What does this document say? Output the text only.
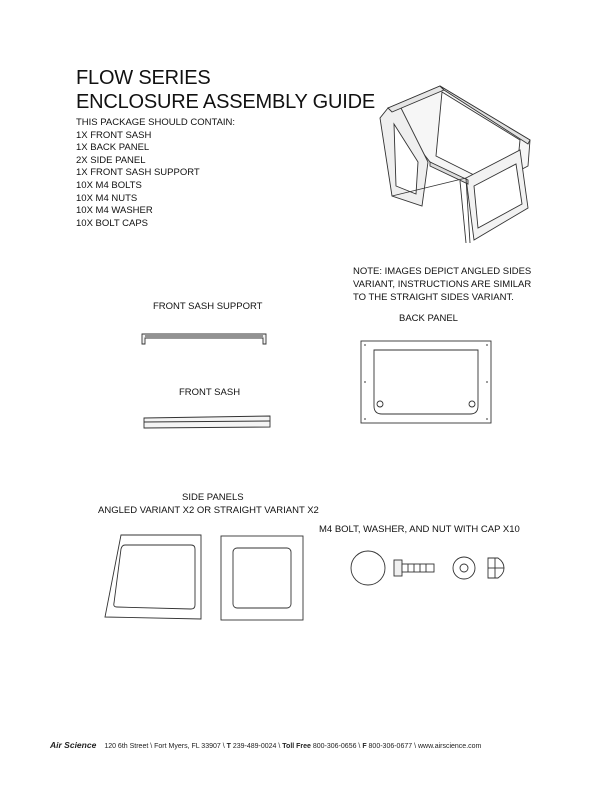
FLOW SERIES
ENCLOSURE ASSEMBLY GUIDE
THIS PACKAGE SHOULD CONTAIN:
1X FRONT SASH
1X BACK PANEL
2X SIDE PANEL
1X FRONT SASH SUPPORT
10X M4 BOLTS
10X M4 NUTS
10X M4 WASHER
10X BOLT CAPS
NOTE: IMAGES DEPICT ANGLED SIDES
VARIANT, INSTRUCTIONS ARE SIMILAR
TO THE STRAIGHT SIDES VARIANT.
FRONT SASH SUPPORT
BACK PANEL
FRONT SASH
SIDE PANELS
ANGLED VARIANT X2 OR STRAIGHT VARIANT X2
M4 BOLT, WASHER, AND NUT WITH CAP X10
Air Science 120 6th Street \ Fort Myers, FL 33907 \ T 239-489-0024 \ Toll Free 800-306-0656 \ F 800-306-0677 \ www.airscience.com
